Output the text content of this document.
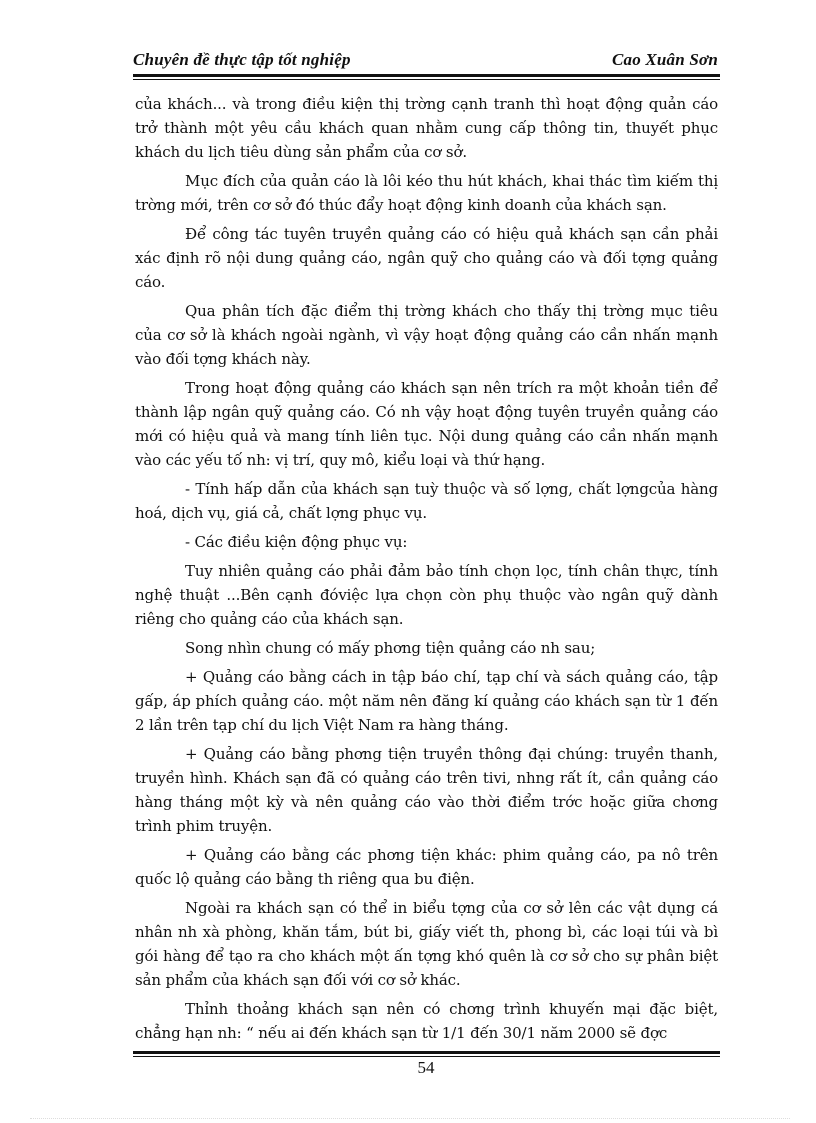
Chuyên đề thực tập tốt nghiệp	Cao Xuân Sơn

của khách... và trong điều kiện thị trờng cạnh tranh thì hoạt động quản cáo trở thành một yêu cầu khách quan nhằm cung cấp thông tin, thuyết phục khách du lịch tiêu dùng sản phẩm của cơ sở.

Mục đích của quản cáo là lôi kéo thu hút khách, khai thác tìm kiếm thị trờng mới, trên cơ sở đó thúc đẩy hoạt động kinh doanh của khách sạn.

Để công tác tuyên truyền quảng cáo có hiệu quả khách sạn cần phải xác định rõ nội dung quảng cáo, ngân quỹ cho quảng cáo và đối tợng quảng cáo.

Qua phân tích đặc điểm thị trờng khách cho thấy thị trờng mục tiêu của cơ sở là khách ngoài ngành, vì vậy hoạt động quảng cáo cần nhấn mạnh vào đối tợng khách này.

Trong hoạt động quảng cáo khách sạn nên trích ra một khoản tiền để thành lập ngân quỹ quảng cáo. Có nh vậy hoạt động tuyên truyền quảng cáo mới có hiệu quả và mang tính liên tục. Nội dung quảng cáo cần nhấn mạnh vào các yếu tố nh: vị trí, quy mô, kiểu loại và thứ hạng.

- Tính hấp dẫn của khách sạn tuỳ thuộc và số lợng, chất lợngcủa hàng hoá, dịch vụ, giá cả, chất lợng phục vụ.

- Các điều kiện động phục vụ:

Tuy nhiên quảng cáo phải đảm bảo tính chọn lọc, tính chân thực, tính nghệ thuật ...Bên cạnh đóviệc lựa chọn còn phụ thuộc vào ngân quỹ dành riêng cho quảng cáo của khách sạn.

Song nhìn chung có mấy phơng tiện quảng cáo nh sau;

+ Quảng cáo bằng cách in tập báo chí, tạp chí và sách quảng cáo, tập gấp, áp phích quảng cáo. một năm nên đăng kí quảng cáo khách sạn từ 1 đến 2 lần trên tạp chí du lịch Việt Nam ra hàng tháng.

+ Quảng cáo bằng phơng tiện truyền thông đại chúng: truyền thanh, truyền hình. Khách sạn đã có quảng cáo trên tivi, nhng rất ít, cần quảng cáo hàng tháng một kỳ và nên quảng cáo vào thời điểm trớc hoặc giữa chơng trình phim truyện.

+ Quảng cáo bằng các phơng tiện khác: phim quảng cáo, pa nô trên quốc lộ quảng cáo bằng th riêng qua bu điện.

Ngoài ra khách sạn có thể in biểu tợng của cơ sở lên các vật dụng cá nhân nh xà phòng, khăn tắm, bút bi, giấy viết th, phong bì, các loại túi và bì gói hàng để tạo ra cho khách một ấn tợng khó quên là cơ sở cho sự phân biệt sản phẩm của khách sạn đối với cơ sở khác.

Thỉnh thoảng khách sạn nên có chơng trình khuyến mại đặc biệt, chẳng hạn nh: “ nếu ai đến khách sạn từ 1/1 đến 30/1 năm 2000 sẽ đợc

54
